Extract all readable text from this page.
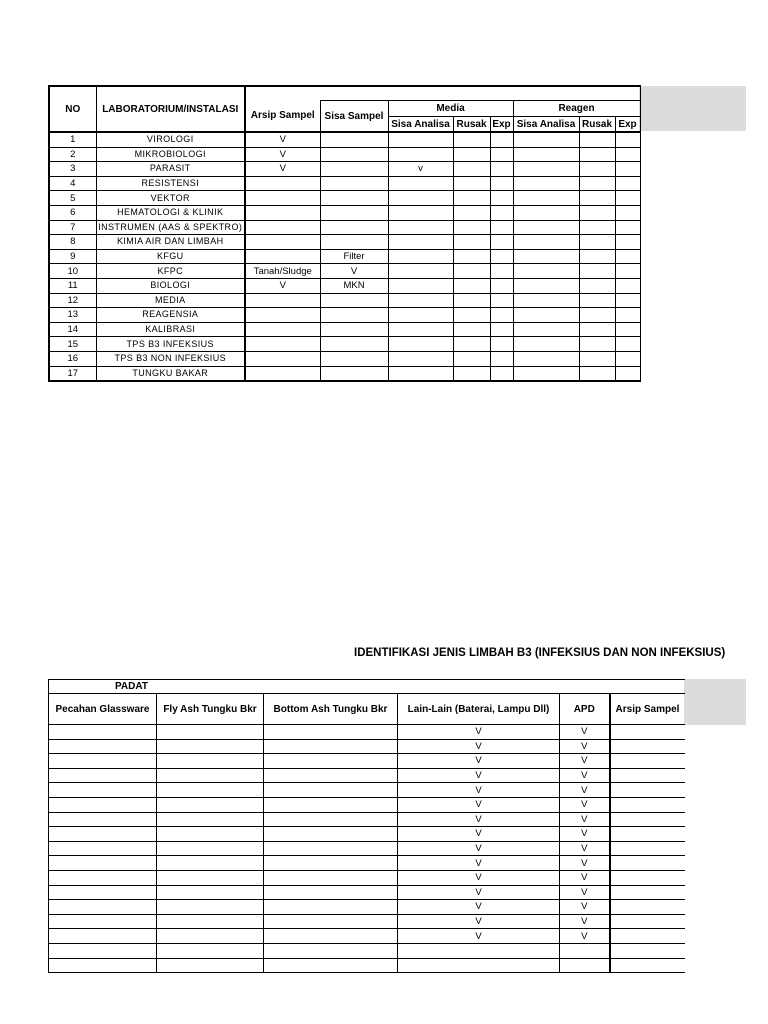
NO	LABORATORIUM/INSTALASI								
		Arsip Sampel	Sisa Sampel	Media			Reagen		
				Sisa Analisa	Rusak	Exp	Sisa Analisa	Rusak	Exp
1	VIROLOGI	V							
2	MIKROBIOLOGI	V							
3	PARASIT	V		v					
4	RESISTENSI								
5	VEKTOR								
6	HEMATOLOGI & KLINIK								
7	INSTRUMEN (AAS & SPEKTRO)								
8	KIMIA AIR DAN LIMBAH								
9	KFGU		Filter						
10	KFPC	Tanah/Sludge	V						
11	BIOLOGI	V	MKN						
12	MEDIA								
13	REAGENSIA								
14	KALIBRASI								
15	TPS B3 INFEKSIUS								
16	TPS B3 NON INFEKSIUS								
17	TUNGKU BAKAR								
IDENTIFIKASI JENIS LIMBAH B3 (INFEKSIUS DAN NON INFEKSIUS)
PADAT					
Pecahan Glassware	Fly Ash Tungku Bkr	Bottom Ash Tungku Bkr	Lain-Lain (Baterai, Lampu Dll)	APD	Arsip Sampel
			V	V	
			V	V	
			V	V	
			V	V	
			V	V	
			V	V	
			V	V	
			V	V	
			V	V	
			V	V	
			V	V	
			V	V	
			V	V	
			V	V	
			V	V	
